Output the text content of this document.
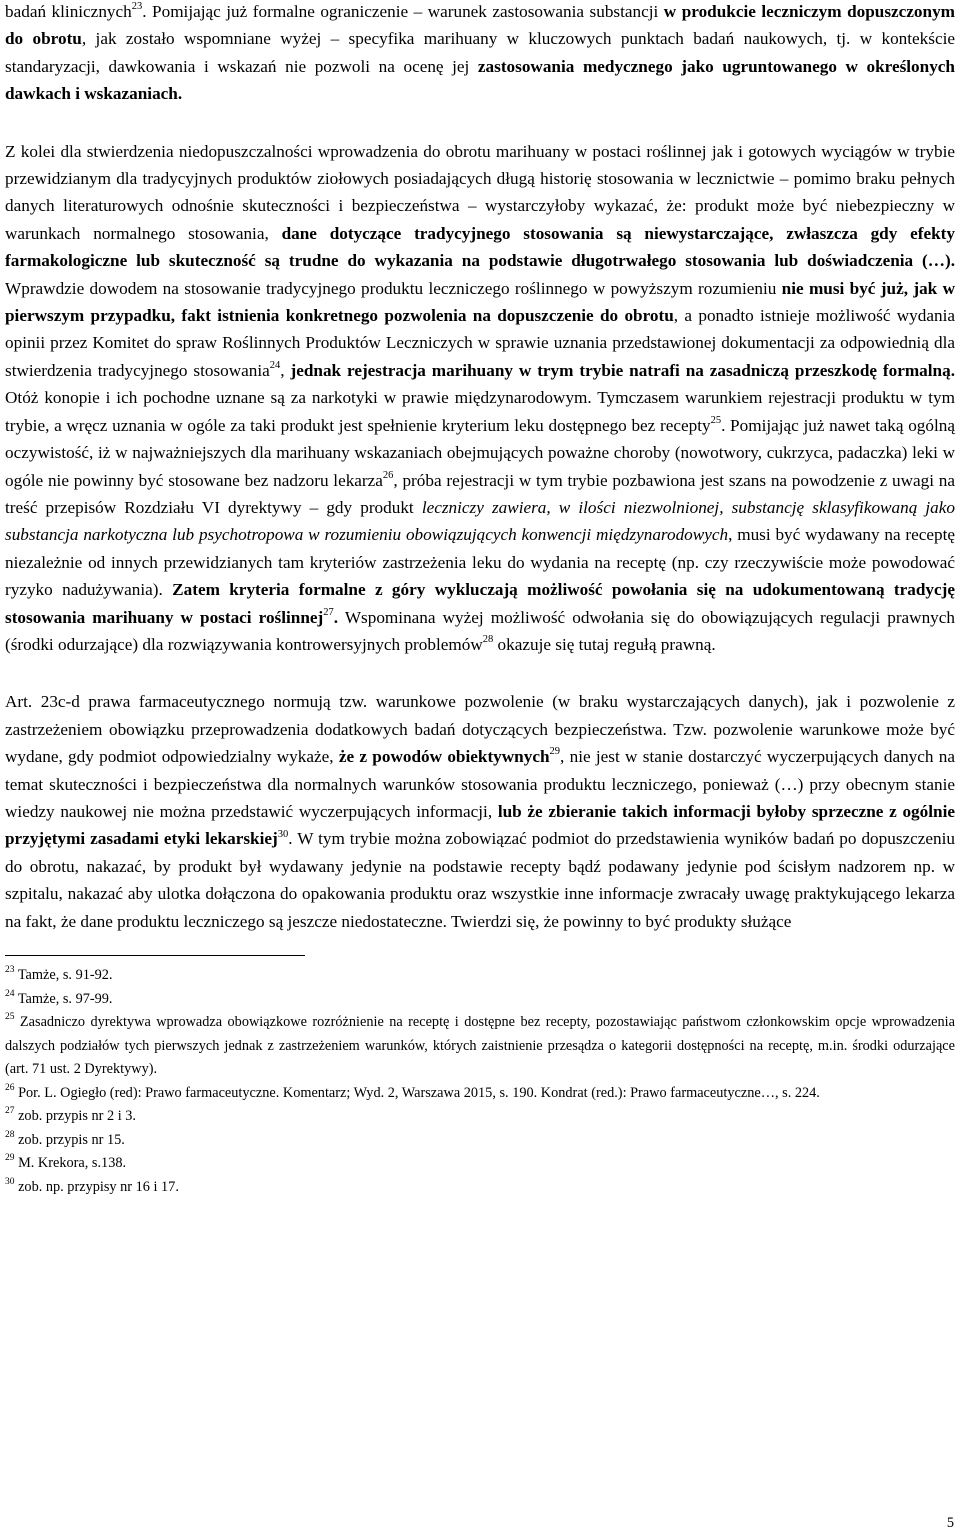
badań klinicznych$^{23}$. Pomijając już formalne ograniczenie – warunek zastosowania substancji w produkcie leczniczym dopuszczonym do obrotu, jak zostało wspomniane wyżej – specyfika marihuany w kluczowych punktach badań naukowych, tj. w kontekście standaryzacji, dawkowania i wskazań nie pozwoli na ocenę jej zastosowania medycznego jako ugruntowanego w określonych dawkach i wskazaniach.

Z kolei dla stwierdzenia niedopuszczalności wprowadzenia do obrotu marihuany w postaci roślinnej jak i gotowych wyciągów w trybie przewidzianym dla tradycyjnych produktów ziołowych posiadających długą historię stosowania w lecznictwie – pomimo braku pełnych danych literaturowych odnośnie skuteczności i bezpieczeństwa – wystarczyłoby wykazać, że: produkt może być niebezpieczny w warunkach normalnego stosowania, dane dotyczące tradycyjnego stosowania są niewystarczające, zwłaszcza gdy efekty farmakologiczne lub skuteczność są trudne do wykazania na podstawie długotrwałego stosowania lub doświadczenia (…). Wprawdzie dowodem na stosowanie tradycyjnego produktu leczniczego roślinnego w powyższym rozumieniu nie musi być już, jak w pierwszym przypadku, fakt istnienia konkretnego pozwolenia na dopuszczenie do obrotu, a ponadto istnieje możliwość wydania opinii przez Komitet do spraw Roślinnych Produktów Leczniczych w sprawie uznania przedstawionej dokumentacji za odpowiednią dla stwierdzenia tradycyjnego stosowania$^{24}$, jednak rejestracja marihuany w trym trybie natrafi na zasadniczą przeszkodę formalną. Otóż konopie i ich pochodne uznane są za narkotyki w prawie międzynarodowym. Tymczasem warunkiem rejestracji produktu w tym trybie, a wręcz uznania w ogóle za taki produkt jest spełnienie kryterium leku dostępnego bez recepty$^{25}$. Pomijając już nawet taką ogólną oczywistość, iż w najważniejszych dla marihuany wskazaniach obejmujących poważne choroby (nowotwory, cukrzyca, padaczka) leki w ogóle nie powinny być stosowane bez nadzoru lekarza$^{26}$, próba rejestracji w tym trybie pozbawiona jest szans na powodzenie z uwagi na treść przepisów Rozdziału VI dyrektywy – gdy produkt leczniczy zawiera, w ilości niezwolnionej, substancję sklasyfikowaną jako substancja narkotyczna lub psychotropowa w rozumieniu obowiązujących konwencji międzynarodowych, musi być wydawany na receptę niezależnie od innych przewidzianych tam kryteriów zastrzeżenia leku do wydania na receptę (np. czy rzeczywiście może powodować ryzyko nadużywania). Zatem kryteria formalne z góry wykluczają możliwość powołania się na udokumentowaną tradycję stosowania marihuany w postaci roślinnej$^{27}$. Wspominana wyżej możliwość odwołania się do obowiązujących regulacji prawnych (środki odurzające) dla rozwiązywania kontrowersyjnych problemów$^{28}$ okazuje się tutaj regułą prawną.

Art. 23c-d prawa farmaceutycznego normują tzw. warunkowe pozwolenie (w braku wystarczających danych), jak i pozwolenie z zastrzeżeniem obowiązku przeprowadzenia dodatkowych badań dotyczących bezpieczeństwa. Tzw. pozwolenie warunkowe może być wydane, gdy podmiot odpowiedzialny wykaże, że z powodów obiektywnych$^{29}$, nie jest w stanie dostarczyć wyczerpujących danych na temat skuteczności i bezpieczeństwa dla normalnych warunków stosowania produktu leczniczego, ponieważ (…) przy obecnym stanie wiedzy naukowej nie można przedstawić wyczerpujących informacji, lub że zbieranie takich informacji byłoby sprzeczne z ogólnie przyjętymi zasadami etyki lekarskiej$^{30}$. W tym trybie można zobowiązać podmiot do przedstawienia wyników badań po dopuszczeniu do obrotu, nakazać, by produkt był wydawany jedynie na podstawie recepty bądź podawany jedynie pod ścisłym nadzorem np. w szpitalu, nakazać aby ulotka dołączona do opakowania produktu oraz wszystkie inne informacje zwracały uwagę praktykującego lekarza na fakt, że dane produktu leczniczego są jeszcze niedostateczne. Twierdzi się, że powinny to być produkty służące

$^{23}$ Tamże, s. 91-92.

$^{24}$ Tamże, s. 97-99.

$^{25}$ Zasadniczo dyrektywa wprowadza obowiązkowe rozróżnienie na receptę i dostępne bez recepty, pozostawiając państwom członkowskim opcje wprowadzenia dalszych podziałów tych pierwszych jednak z zastrzeżeniem warunków, których zaistnienie przesądza o kategorii dostępności na receptę, m.in. środki odurzające (art. 71 ust. 2 Dyrektywy).

$^{26}$ Por. L. Ogiegło (red): Prawo farmaceutyczne. Komentarz; Wyd. 2, Warszawa 2015, s. 190. Kondrat (red.): Prawo farmaceutyczne…, s. 224.

$^{27}$ zob. przypis nr 2 i 3.

$^{28}$ zob. przypis nr 15.

$^{29}$ M. Krekora, s.138.

$^{30}$ zob. np. przypisy nr 16 i 17.

5
